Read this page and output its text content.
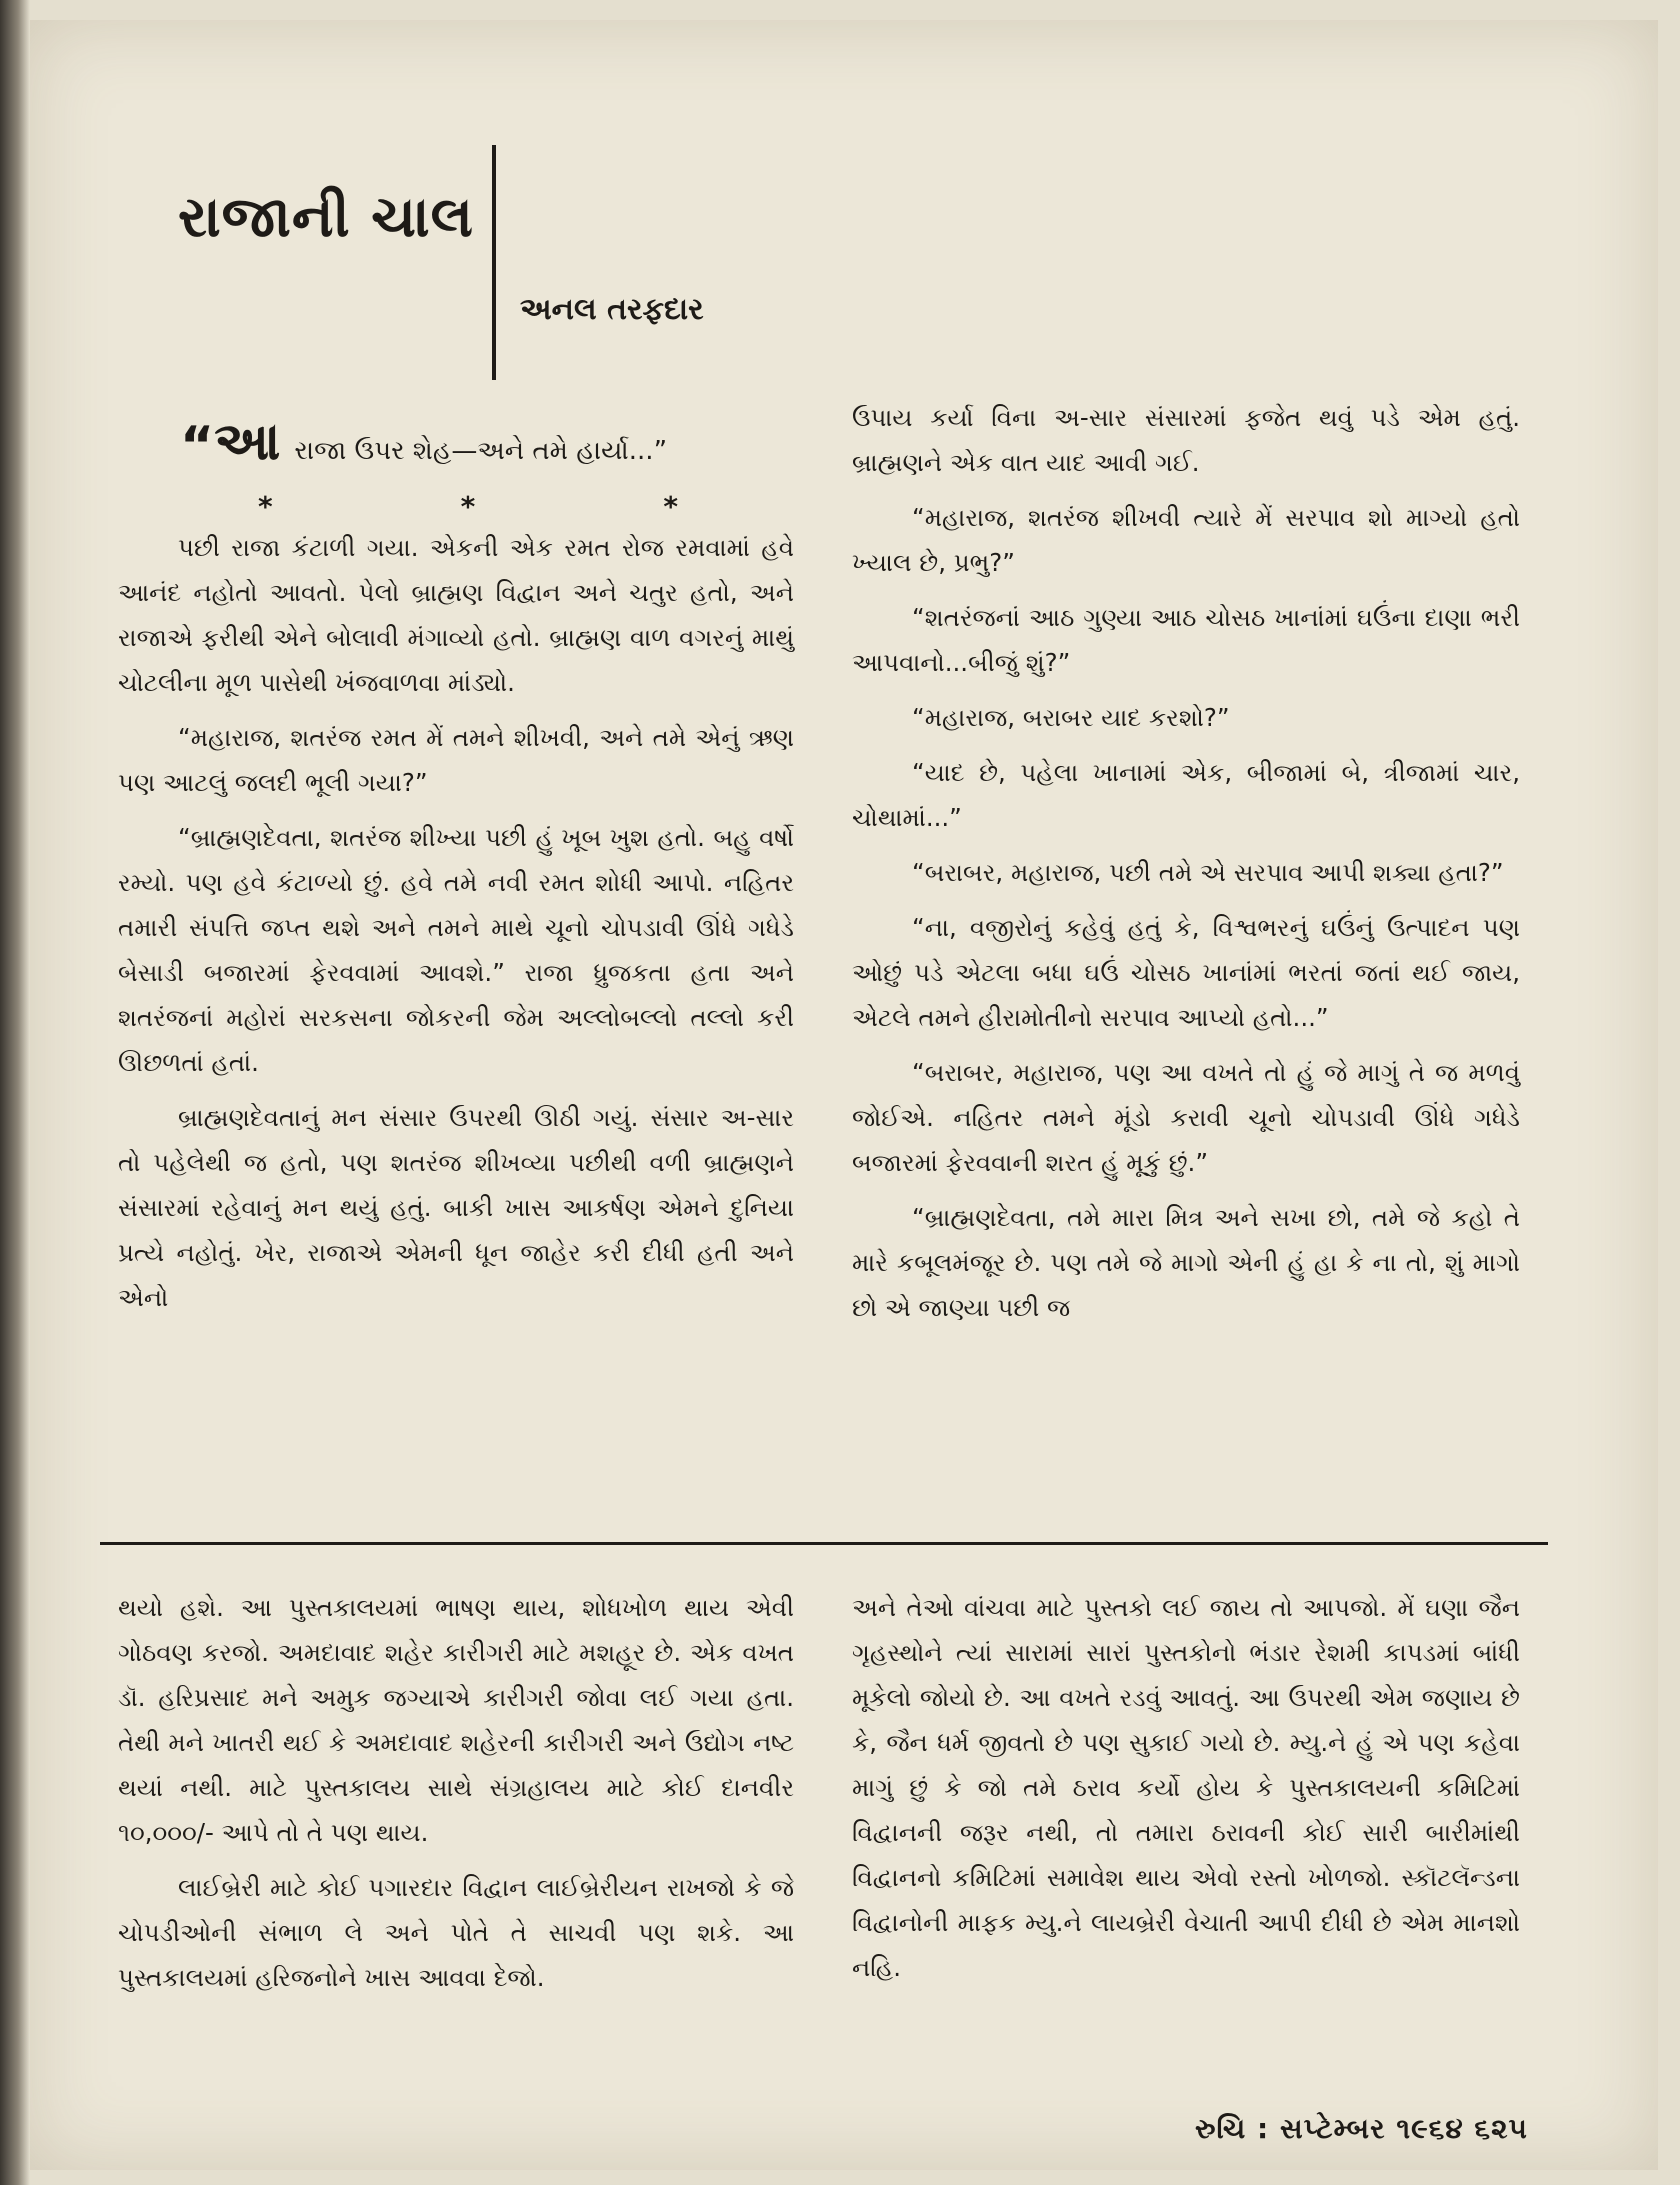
રાજાની ચાલ
અનલ તરફદાર
“આ રાજા ઉપર શેહ—અને તમે હાર્યા...”
*	*	*

પછી રાજા કંટાળી ગયા. એકની એક રમત રોજ રમવામાં હવે આનંદ નહોતો આવતો. પેલો બ્રાહ્મણ વિદ્વાન અને ચતુર હતો, અને રાજાએ ફરીથી એને બોલાવી મંગાવ્યો હતો. બ્રાહ્મણ વાળ વગરનું માથું ચોટલીના મૂળ પાસેથી ખંજવાળવા માંડ્યો.

“મહારાજ, શતરંજ રમત મેં તમને શીખવી, અને તમે એનું ઋણ પણ આટલું જલદી ભૂલી ગયા?”

“બ્રાહ્મણદેવતા, શતરંજ શીખ્યા પછી હું ખૂબ ખુશ હતો. બહુ વર્ષો રમ્યો. પણ હવે કંટાળ્યો છું. હવે તમે નવી રમત શોધી આપો. નહિતર તમારી સંપત્તિ જપ્ત થશે અને તમને માથે ચૂનો ચોપડાવી ઊંધે ગધેડે બેસાડી બજારમાં ફેરવવામાં આવશે.” રાજા ધ્રુજકતા હતા અને શતરંજનાં મહોરાં સરકસના જોકરની જેમ અલ્લોબલ્લો તલ્લો કરી ઊછળતાં હતાં.

બ્રાહ્મણદેવતાનું મન સંસાર ઉપરથી ઊઠી ગયું. સંસાર અ-સાર તો પહેલેથી જ હતો, પણ શતરંજ શીખવ્યા પછીથી વળી બ્રાહ્મણને સંસારમાં રહેવાનું મન થયું હતું. બાકી ખાસ આકર્ષણ એમને દુનિયા પ્રત્યે નહોતું. ખેર, રાજાએ એમની ધૂન જાહેર કરી દીધી હતી અને એનો

ઉપાય કર્યા વિના અ-સાર સંસારમાં ફજેત થવું પડે એમ હતું. બ્રાહ્મણને એક વાત યાદ આવી ગઈ.

“મહારાજ, શતરંજ શીખવી ત્યારે મેં સરપાવ શો માગ્યો હતો ખ્યાલ છે, પ્રભુ?”

“શતરંજનાં આઠ ગુણ્યા આઠ ચોસઠ ખાનાંમાં ઘઉંના દાણા ભરી આપવાનો...બીજું શું?”

“મહારાજ, બરાબર યાદ કરશો?”

“યાદ છે, પહેલા ખાનામાં એક, બીજામાં બે, ત્રીજામાં ચાર, ચોથામાં...”

“બરાબર, મહારાજ, પછી તમે એ સરપાવ આપી શક્યા હતા?”

“ના, વજીરોનું કહેવું હતું કે, વિશ્વભરનું ઘઉંનું ઉત્પાદન પણ ઓછું પડે એટલા બધા ઘઉં ચોસઠ ખાનાંમાં ભરતાં જતાં થઈ જાય, એટલે તમને હીરામોતીનો સરપાવ આપ્યો હતો...”

“બરાબર, મહારાજ, પણ આ વખતે તો હું જે માગું તે જ મળવું જોઈએ. નહિતર તમને મૂંડો કરાવી ચૂનો ચોપડાવી ઊંધે ગધેડે બજારમાં ફેરવવાની શરત હું મૂકું છું.”

“બ્રાહ્મણદેવતા, તમે મારા મિત્ર અને સખા છો, તમે જે કહો તે મારે કબૂલમંજૂર છે. પણ તમે જે માગો એની હું હા કે ના તો, શું માગો છો એ જાણ્યા પછી જ

થયો હશે. આ પુસ્તકાલયમાં ભાષણ થાય, શોધખોળ થાય એવી ગોઠવણ કરજો. અમદાવાદ શહેર કારીગરી માટે મશહૂર છે. એક વખત ડૉ. હરિપ્રસાદ મને અમુક જગ્યાએ કારીગરી જોવા લઈ ગયા હતા. તેથી મને ખાતરી થઈ કે અમદાવાદ શહેરની કારીગરી અને ઉદ્યોગ નષ્ટ થયાં નથી. માટે પુસ્તકાલય સાથે સંગ્રહાલય માટે કોઈ દાનવીર ૧૦,૦૦૦/- આપે તો તે પણ થાય.

લાઈબ્રેરી માટે કોઈ પગારદાર વિદ્વાન લાઈબ્રેરીયન રાખજો કે જે ચોપડીઓની સંભાળ લે અને પોતે તે સાચવી પણ શકે. આ પુસ્તકાલયમાં હરિજનોને ખાસ આવવા દેજો.

અને તેઓ વાંચવા માટે પુસ્તકો લઈ જાય તો આપજો. મેં ઘણા જૈન ગૃહસ્થોને ત્યાં સારામાં સારાં પુસ્તકોનો ભંડાર રેશમી કાપડમાં બાંધી મૂકેલો જોયો છે. આ વખતે રડવું આવતું. આ ઉપરથી એમ જણાય છે કે, જૈન ધર્મ જીવતો છે પણ સુકાઈ ગયો છે. મ્યુ.ને હું એ પણ કહેવા માગું છું કે જો તમે ઠરાવ કર્યો હોય કે પુસ્તકાલયની કમિટિમાં વિદ્વાનની જરૂર નથી, તો તમારા ઠરાવની કોઈ સારી બારીમાંથી વિદ્વાનનો કમિટિમાં સમાવેશ થાય એવો રસ્તો ખોળજો. સ્કૉટલૅન્ડના વિદ્વાનોની માફક મ્યુ.ને લાયબ્રેરી વેચાતી આપી દીધી છે એમ માનશો નહિ.

રુચિ : સપ્ટેમ્બર ૧૯૬૪ ૬૨૫
